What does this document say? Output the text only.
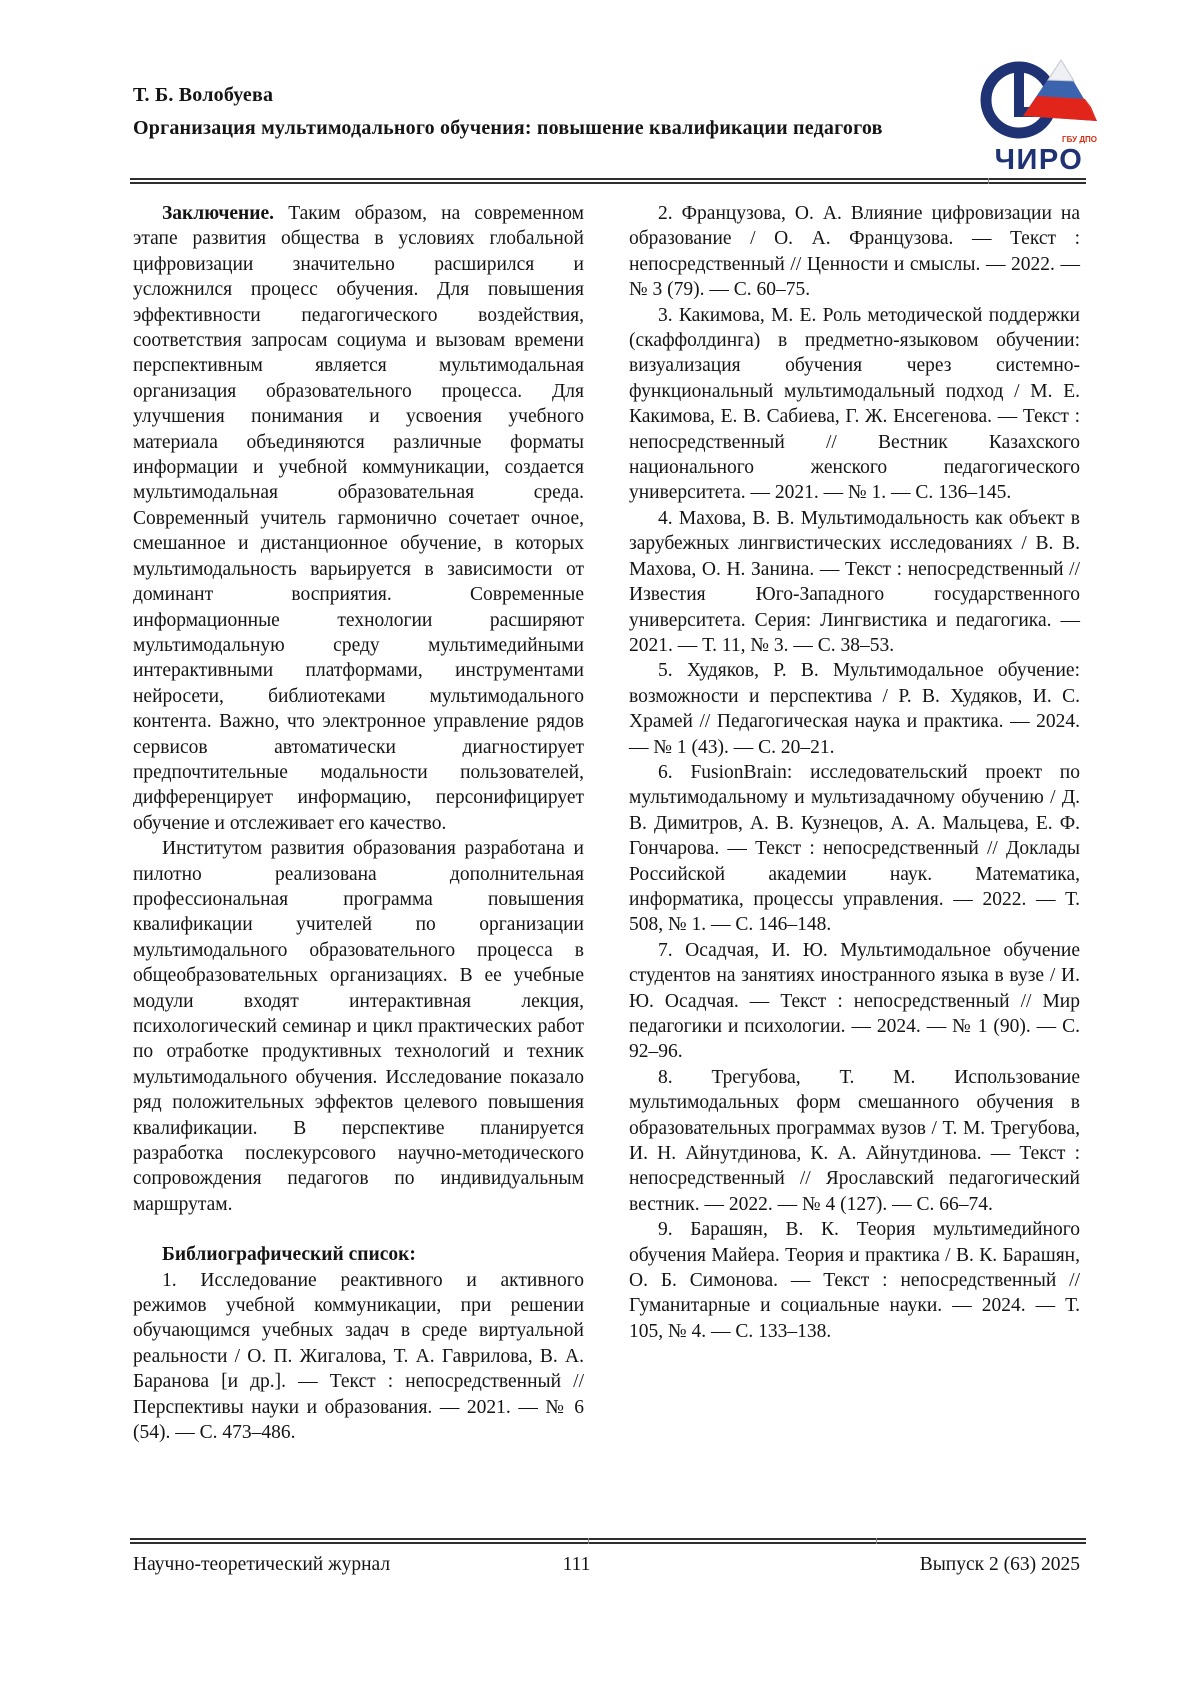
Т. Б. Волобуева
Организация мультимодального обучения: повышение квалификации педагогов
ГБУ ДПО
ЧИРО

Заключение. Таким образом, на современном этапе развития общества в условиях глобальной цифровизации значительно расширился и усложнился процесс обучения. Для повышения эффективности педагогического воздействия, соответствия запросам социума и вызовам времени перспективным является мультимодальная организация образовательного процесса. Для улучшения понимания и усвоения учебного материала объединяются различные форматы информации и учебной коммуникации, создается мультимодальная образовательная среда. Современный учитель гармонично сочетает очное, смешанное и дистанционное обучение, в которых мультимодальность варьируется в зависимости от доминант восприятия. Современные информационные технологии расширяют мультимодальную среду мультимедийными интерактивными платформами, инструментами нейросети, библиотеками мультимодального контента. Важно, что электронное управление рядов сервисов автоматически диагностирует предпочтительные модальности пользователей, дифференцирует информацию, персонифицирует обучение и отслеживает его качество.

Институтом развития образования разработана и пилотно реализована дополнительная профессиональная программа повышения квалификации учителей по организации мультимодального образовательного процесса в общеобразовательных организациях. В ее учебные модули входят интерактивная лекция, психологический семинар и цикл практических работ по отработке продуктивных технологий и техник мультимодального обучения. Исследование показало ряд положительных эффектов целевого повышения квалификации. В перспективе планируется разработка послекурсового научно-методического сопровождения педагогов по индивидуальным маршрутам.

Библиографический список:

1. Исследование реактивного и активного режимов учебной коммуникации, при решении обучающимся учебных задач в среде виртуальной реальности / О. П. Жигалова, Т. А. Гаврилова, В. А. Баранова [и др.]. — Текст : непосредственный // Перспективы науки и образования. — 2021. — № 6 (54). — С. 473–486.

2. Французова, О. А. Влияние цифровизации на образование / О. А. Французова. — Текст : непосредственный // Ценности и смыслы. — 2022. — № 3 (79). — С. 60–75.

3. Какимова, М. Е. Роль методической поддержки (скаффолдинга) в предметно-языковом обучении: визуализация обучения через системно-функциональный мультимодальный подход / М. Е. Какимова, Е. В. Сабиева, Г. Ж. Енсегенова. — Текст : непосредственный // Вестник Казахского национального женского педагогического университета. — 2021. — № 1. — С. 136–145.

4. Махова, В. В. Мультимодальность как объект в зарубежных лингвистических исследованиях / В. В. Махова, О. Н. Занина. — Текст : непосредственный // Известия Юго-Западного государственного университета. Серия: Лингвистика и педагогика. — 2021. — Т. 11, № 3. — С. 38–53.

5. Худяков, Р. В. Мультимодальное обучение: возможности и перспектива / Р. В. Худяков, И. С. Храмей // Педагогическая наука и практика. — 2024. — № 1 (43). — С. 20–21.

6. FusionBrain: исследовательский проект по мультимодальному и мультизадачному обучению / Д. В. Димитров, А. В. Кузнецов, А. А. Мальцева, Е. Ф. Гончарова. — Текст : непосредственный // Доклады Российской академии наук. Математика, информатика, процессы управления. — 2022. — Т. 508, № 1. — С. 146–148.

7. Осадчая, И. Ю. Мультимодальное обучение студентов на занятиях иностранного языка в вузе / И. Ю. Осадчая. — Текст : непосредственный // Мир педагогики и психологии. — 2024. — № 1 (90). — С. 92–96.

8. Трегубова, Т. М. Использование мультимодальных форм смешанного обучения в образовательных программах вузов / Т. М. Трегубова, И. Н. Айнутдинова, К. А. Айнутдинова. — Текст : непосредственный // Ярославский педагогический вестник. — 2022. — № 4 (127). — С. 66–74.

9. Барашян, В. К. Теория мультимедийного обучения Майера. Теория и практика / В. К. Барашян, О. Б. Симонова. — Текст : непосредственный // Гуманитарные и социальные науки. — 2024. — Т. 105, № 4. — С. 133–138.

111
Научно-теоретический журнал	Выпуск 2 (63) 2025
